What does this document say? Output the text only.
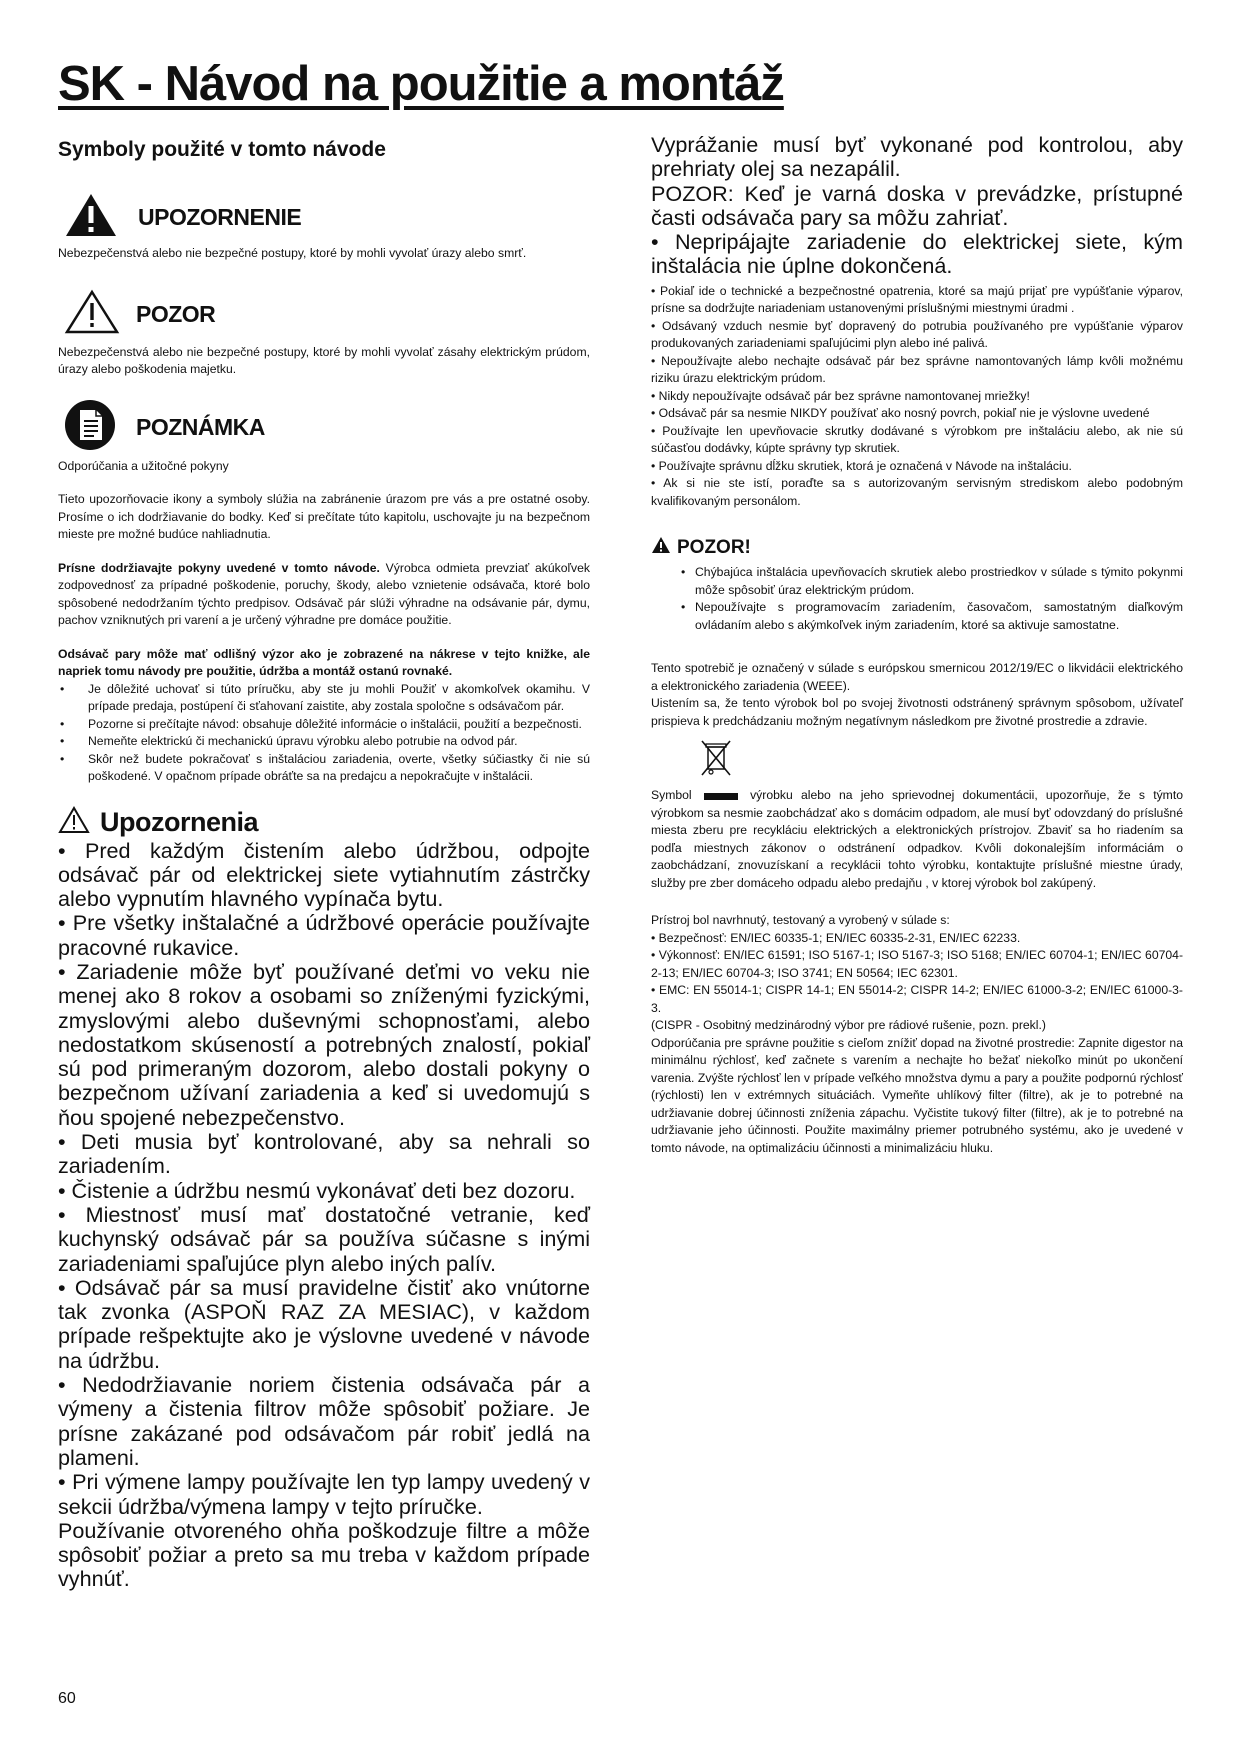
SK - Návod na použitie a montáž
Symboly použité v tomto návode
UPOZORNENIE

Nebezpečenstvá alebo nie bezpečné postupy, ktoré by mohli vyvolať úrazy alebo smrť.

POZOR

Nebezpečenstvá alebo nie bezpečné postupy, ktoré by mohli vyvolať zásahy elektrickým prúdom, úrazy alebo poškodenia majetku.

POZNÁMKA

Odporúčania a užitočné pokyny

Tieto upozorňovacie ikony a symboly slúžia na zabránenie úrazom pre vás a pre ostatné osoby. Prosíme o ich dodržiavanie do bodky. Keď si prečítate túto kapitolu, uschovajte ju na bezpečnom mieste pre možné budúce nahliadnutia.

Prísne dodržiavajte pokyny uvedené v tomto návode. Výrobca odmieta prevziať akúkoľvek zodpovednosť za prípadné poškodenie, poruchy, škody, alebo vznietenie odsávača, ktoré bolo spôsobené nedodržaním týchto predpisov. Odsávač pár slúži výhradne na odsávanie pár, dymu, pachov vzniknutých pri varení a je určený výhradne pre domáce použitie.

Odsávač pary môže mať odlišný výzor ako je zobrazené na nákrese v tejto knižke, ale napriek tomu návody pre použitie, údržba a montáž ostanú rovnaké.

• Je dôležité uchovať si túto príručku, aby ste ju mohli Použiť v akomkoľvek okamihu. V prípade predaja, postúpení či sťahovaní zaistite, aby zostala spoločne s odsávačom pár.
• Pozorne si prečítajte návod: obsahuje dôležité informácie o inštalácii, použití a bezpečnosti.
• Nemeňte elektrickú či mechanickú úpravu výrobku alebo potrubie na odvod pár.
• Skôr než budete pokračovať s inštaláciou zariadenia, overte, všetky súčiastky či nie sú poškodené. V opačnom prípade obráťte sa na predajcu a nepokračujte v inštalácii.
Upozornenia

• Pred každým čistením alebo údržbou, odpojte odsávač pár od elektrickej siete vytiahnutím zástrčky alebo vypnutím hlavného vypínača bytu.

• Pre všetky inštalačné a údržbové operácie používajte pracovné rukavice.

• Zariadenie môže byť používané deťmi vo veku nie menej ako 8 rokov a osobami so zníženými fyzickými, zmyslovými alebo duševnými schopnosťami, alebo nedostatkom skúseností a potrebných znalostí, pokiaľ sú pod primeraným dozorom, alebo dostali pokyny o bezpečnom užívaní zariadenia a keď si uvedomujú s ňou spojené nebezpečenstvo.

• Deti musia byť kontrolované, aby sa nehrali so zariadením.

• Čistenie a údržbu nesmú vykonávať deti bez dozoru.

• Miestnosť musí mať dostatočné vetranie, keď kuchynský odsávač pár sa používa súčasne s inými zariadeniami spaľujúce plyn alebo iných palív.

• Odsávač pár sa musí pravidelne čistiť ako vnútorne tak zvonka (ASPOŇ RAZ ZA MESIAC), v každom prípade rešpektujte ako je výslovne uvedené v návode na údržbu.

• Nedodržiavanie noriem čistenia odsávača pár a výmeny a čistenia filtrov môže spôsobiť požiare. Je prísne zakázané pod odsávačom pár robiť jedlá na plameni.

• Pri výmene lampy používajte len typ lampy uvedený v sekcii údržba/výmena lampy v tejto príručke.

Používanie otvoreného ohňa poškodzuje filtre a môže spôsobiť požiar a preto sa mu treba v každom prípade vyhnúť.

Vyprážanie musí byť vykonané pod kontrolou, aby prehriaty olej sa nezapálil.

POZOR: Keď je varná doska v prevádzke, prístupné časti odsávača pary sa môžu zahriať.

• Nepripájajte zariadenie do elektrickej siete, kým inštalácia nie úplne dokončená.

• Pokiaľ ide o technické a bezpečnostné opatrenia, ktoré sa majú prijať pre vypúšťanie výparov, prísne sa dodržujte nariadeniam ustanovenými príslušnými miestnymi úradmi .

• Odsávaný vzduch nesmie byť dopravený do potrubia používaného pre vypúšťanie výparov produkovaných zariadeniami spaľujúcimi plyn alebo iné palivá.

• Nepoužívajte alebo nechajte odsávač pár bez správne namontovaných lámp kvôli možnému riziku úrazu elektrickým prúdom.

• Nikdy nepoužívajte odsávač pár bez správne namontovanej mriežky!

• Odsávač pár sa nesmie NIKDY používať ako nosný povrch, pokiaľ nie je výslovne uvedené

• Používajte len upevňovacie skrutky dodávané s výrobkom pre inštaláciu alebo, ak nie sú súčasťou dodávky, kúpte správny typ skrutiek.

• Používajte správnu dĺžku skrutiek, ktorá je označená v Návode na inštaláciu.

• Ak si nie ste istí, poraďte sa s autorizovaným servisným strediskom alebo podobným kvalifikovaným personálom.

POZOR!
• Chýbajúca inštalácia upevňovacích skrutiek alebo prostriedkov v súlade s týmito pokynmi môže spôsobiť úraz elektrickým prúdom.
• Nepoužívajte s programovacím zariadením, časovačom, samostatným diaľkovým ovládaním alebo s akýmkoľvek iným zariadením, ktoré sa aktivuje samostatne.

Tento spotrebič je označený v súlade s európskou smernicou 2012/19/EC o likvidácii elektrického a elektronického zariadenia (WEEE).

Uistením sa, že tento výrobok bol po svojej životnosti odstránený správnym spôsobom, užívateľ prispieva k predchádzaniu možným negatívnym následkom pre životné prostredie a zdravie.

Symbol	výrobku alebo na jeho sprievodnej dokumentácii, upozorňuje, že s týmto výrobkom sa nesmie zaobchádzať ako s domácim odpadom, ale musí byť odovzdaný do príslušné miesta zberu pre recykláciu elektrických a elektronických prístrojov. Zbaviť sa ho riadením sa podľa miestnych zákonov o odstránení odpadkov. Kvôli dokonalejším informáciám o zaobchádzaní, znovuzískaní a recyklácii tohto výrobku, kontaktujte príslušné miestne úrady, služby pre zber domáceho odpadu alebo predajňu , v ktorej výrobok bol zakúpený.

Prístroj bol navrhnutý, testovaný a vyrobený v súlade s:

• Bezpečnosť: EN/IEC 60335-1; EN/IEC 60335-2-31, EN/IEC 62233.

• Výkonnosť: EN/IEC 61591; ISO 5167-1; ISO 5167-3; ISO 5168; EN/IEC 60704-1; EN/IEC 60704-2-13; EN/IEC 60704-3; ISO 3741; EN 50564; IEC 62301.

• EMC: EN 55014-1; CISPR 14-1; EN 55014-2; CISPR 14-2; EN/IEC 61000-3-2; EN/IEC 61000-3-3.

(CISPR - Osobitný medzinárodný výbor pre rádiové rušenie, pozn. prekl.)

Odporúčania pre správne použitie s cieľom znížiť dopad na životné prostredie: Zapnite digestor na minimálnu rýchlosť, keď začnete s varením a nechajte ho bežať niekoľko minút po ukončení varenia. Zvýšte rýchlosť len v prípade veľkého množstva dymu a pary a použite podpornú rýchlosť (rýchlosti) len v extrémnych situáciách. Vymeňte uhlíkový filter (filtre), ak je to potrebné na udržiavanie dobrej účinnosti zníženia zápachu. Vyčistite tukový filter (filtre), ak je to potrebné na udržiavanie jeho účinnosti. Použite maximálny priemer potrubného systému, ako je uvedené v tomto návode, na optimalizáciu účinnosti a minimalizáciu hluku.

60
